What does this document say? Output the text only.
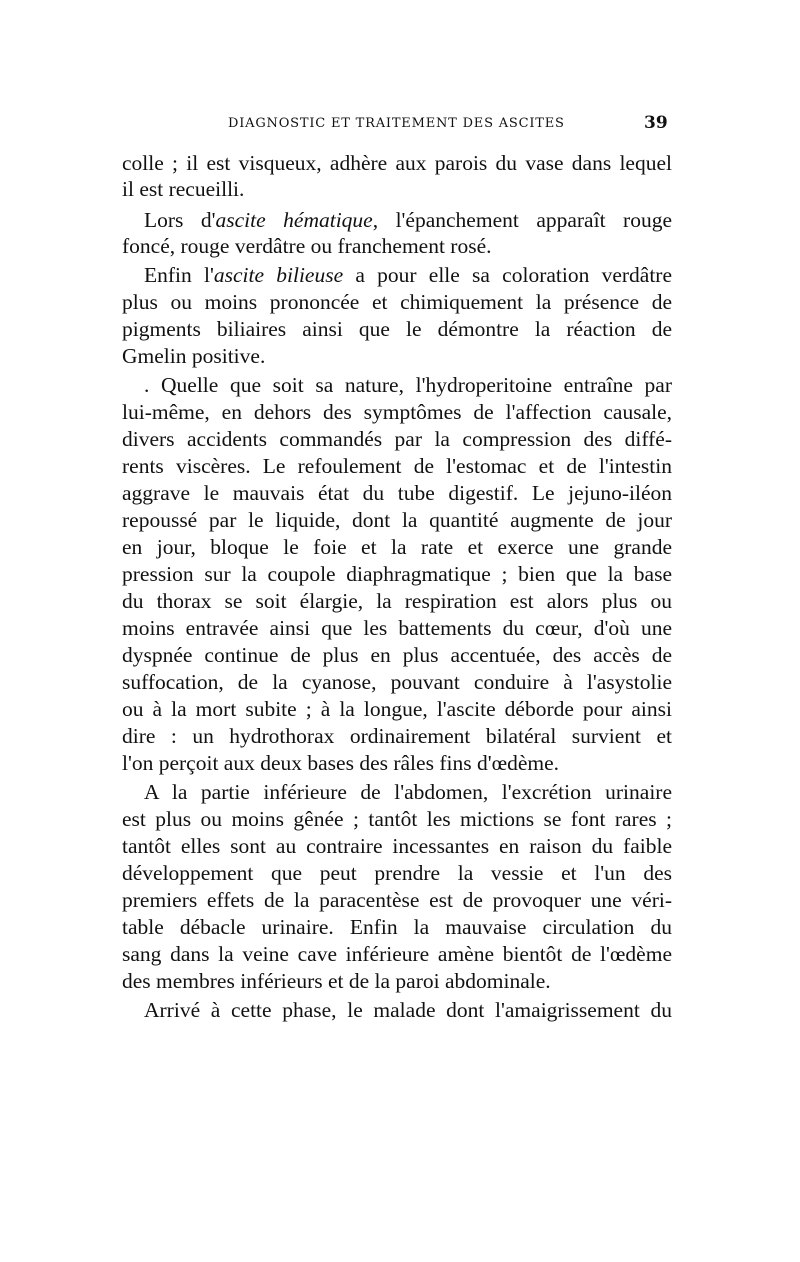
DIAGNOSTIC ET TRAITEMENT DES ASCITES	39
colle ; il est visqueux, adhère aux parois du vase dans lequel
il est recueilli.
Lors d'ascite hématique, l'épanchement apparaît rouge
foncé, rouge verdâtre ou franchement rosé.
Enfin l'ascite bilieuse a pour elle sa coloration verdâtre
plus ou moins prononcée et chimiquement la présence de
pigments biliaires ainsi que le démontre la réaction de
Gmelin positive.
. Quelle que soit sa nature, l'hydroperitoine entraîne par
lui-même, en dehors des symptômes de l'affection causale,
divers accidents commandés par la compression des diffé-
rents viscères. Le refoulement de l'estomac et de l'intestin
aggrave le mauvais état du tube digestif. Le jejuno-iléon
repoussé par le liquide, dont la quantité augmente de jour
en jour, bloque le foie et la rate et exerce une grande
pression sur la coupole diaphragmatique ; bien que la base
du thorax se soit élargie, la respiration est alors plus ou
moins entravée ainsi que les battements du cœur, d'où une
dyspnée continue de plus en plus accentuée, des accès de
suffocation, de la cyanose, pouvant conduire à l'asystolie
ou à la mort subite ; à la longue, l'ascite déborde pour ainsi
dire : un hydrothorax ordinairement bilatéral survient et
l'on perçoit aux deux bases des râles fins d'œdème.
A la partie inférieure de l'abdomen, l'excrétion urinaire
est plus ou moins gênée ; tantôt les mictions se font rares ;
tantôt elles sont au contraire incessantes en raison du faible
développement que peut prendre la vessie et l'un des
premiers effets de la paracentèse est de provoquer une véri-
table débacle urinaire. Enfin la mauvaise circulation du
sang dans la veine cave inférieure amène bientôt de l'œdème
des membres inférieurs et de la paroi abdominale.
Arrivé à cette phase, le malade dont l'amaigrissement du
